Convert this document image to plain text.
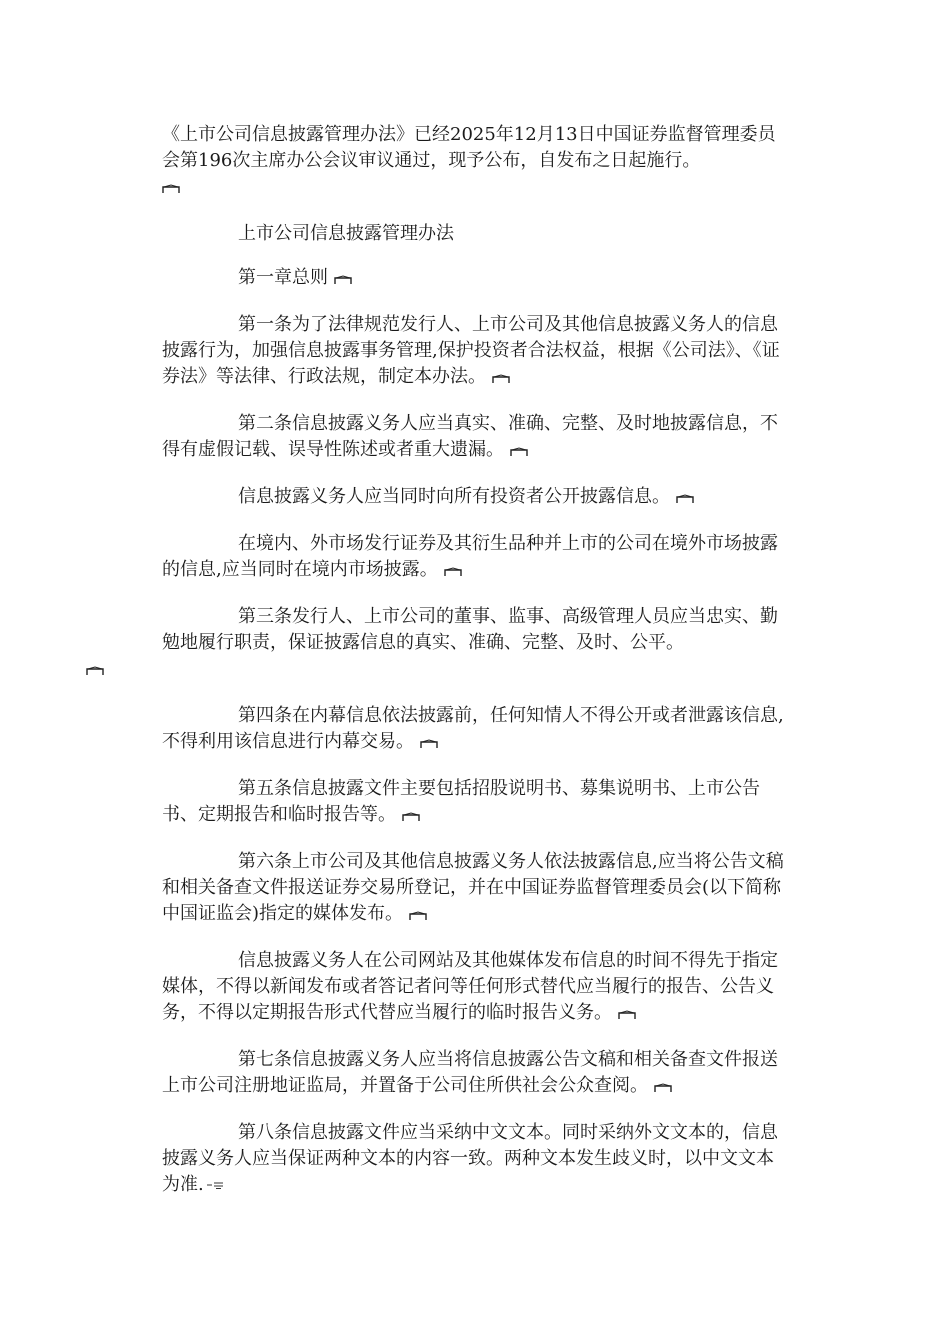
《上市公司信息披露管理办法》已经2025年12月13日中国证券监督管理委员会第196次主席办公会议审议通过，现予公布，自发布之日起施行。

上市公司信息披露管理办法

第一章总则

第一条为了法律规范发行人、上市公司及其他信息披露义务人的信息披露行为，加强信息披露事务管理,保护投资者合法权益，根据《公司法》、《证券法》等法律、行政法规，制定本办法。

第二条信息披露义务人应当真实、准确、完整、及时地披露信息，不得有虚假记载、误导性陈述或者重大遗漏。

信息披露义务人应当同时向所有投资者公开披露信息。

在境内、外市场发行证券及其衍生品种并上市的公司在境外市场披露的信息,应当同时在境内市场披露。

第三条发行人、上市公司的董事、监事、高级管理人员应当忠实、勤勉地履行职责，保证披露信息的真实、准确、完整、及时、公平。

第四条在内幕信息依法披露前，任何知情人不得公开或者泄露该信息,不得利用该信息进行内幕交易。

第五条信息披露文件主要包括招股说明书、募集说明书、上市公告书、定期报告和临时报告等。

第六条上市公司及其他信息披露义务人依法披露信息,应当将公告文稿和相关备查文件报送证券交易所登记，并在中国证券监督管理委员会(以下简称中国证监会)指定的媒体发布。

信息披露义务人在公司网站及其他媒体发布信息的时间不得先于指定媒体，不得以新闻发布或者答记者问等任何形式替代应当履行的报告、公告义务，不得以定期报告形式代替应当履行的临时报告义务。

第七条信息披露义务人应当将信息披露公告文稿和相关备查文件报送上市公司注册地证监局，并置备于公司住所供社会公众查阅。

第八条信息披露文件应当采纳中文文本。同时采纳外文文本的，信息披露义务人应当保证两种文本的内容一致。两种文本发生歧义时，以中文文本为准.
